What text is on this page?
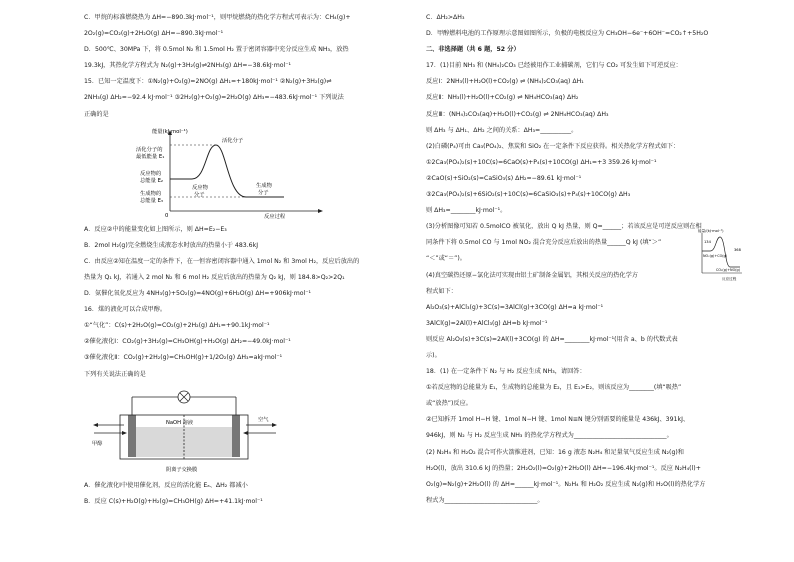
C．甲烷的标准燃烧热为 ΔH=−890.3kJ·mol⁻¹，则甲烷燃烧的热化学方程式可表示为：CH₄(g)+
2O₂(g)=CO₂(g)+2H₂O(g) ΔH=−890.3kJ·mol⁻¹
D．500℃、30MPa 下，将 0.5mol N₂ 和 1.5mol H₂ 置于密闭容器中充分反应生成 NH₃，放热
19.3kJ，其热化学方程式为 N₂(g)+3H₂(g)⇌2NH₃(g) ΔH=−38.6kJ·mol⁻¹
15．已知一定温度下：①N₂(g)+O₂(g)=2NO(g) ΔH₁=+180kJ·mol⁻¹ ②N₂(g)+3H₂(g)⇌
2NH₃(g) ΔH₂=−92.4 kJ·mol⁻¹ ③2H₂(g)+O₂(g)=2H₂O(g) ΔH₃=−483.6kJ·mol⁻¹ 下列说法
正确的是
能量(kJ·mol⁻¹)
活化分子的
最低能量 E₁
反应物的
总能量 E₂
生成物的
总能量 E₃
活化分子
反应物
分子
生成物
分子
0	反应过程
A．反应②中的能量变化如上图所示，则 ΔH=E₂−E₃
B．2mol H₂(g)完全燃烧生成液态水时放出的热量小于 483.6kJ
C．由反应②知在温度一定的条件下，在一恒容密闭容器中通入 1mol N₂ 和 3mol H₂，反应后放出的
热量为 Q₁ kJ，若通入 2 mol N₂ 和 6 mol H₂ 反应后放出的热量为 Q₂ kJ，则 184.8>Q₂>2Q₁
D．氨催化氧化反应为 4NH₃(g)+5O₂(g)=4NO(g)+6H₂O(g) ΔH=+906kJ·mol⁻¹
16．煤的液化可以合成甲醇。
①“气化”：C(s)+2H₂O(g)=CO₂(g)+2H₂(g) ΔH₁=+90.1kJ·mol⁻¹
②催化液化Ⅰ：CO₂(g)+3H₂(g)=CH₃OH(g)+H₂O(g) ΔH₂=−49.0kJ·mol⁻¹
③催化液化Ⅱ：CO₂(g)+2H₂(g)=CH₃OH(g)+1/2O₂(g) ΔH₃=akJ·mol⁻¹
下列有关说法正确的是
NaOH 溶液
甲醇
空气
阴离子交换膜
A．催化液化Ⅰ中使用催化剂，反应的活化能 Eₐ、ΔH₂ 都减小
B．反应 C(s)+H₂O(g)+H₂(g)=CH₃OH(g) ΔH=+41.1kJ·mol⁻¹
C．ΔH₂>ΔH₃
D．甲醇燃料电池的工作原理示意图如图所示，负极的电极反应为 CH₃OH−6e⁻+6OH⁻=CO₂↑+5H₂O
二、非选择题（共 6 题，52 分）
17．(1)目前 NH₃ 和 (NH₄)₂CO₃ 已经被用作工业捕碳剂，它们与 CO₂ 可发生如下可逆反应：
反应Ⅰ：2NH₃(l)+H₂O(l)+CO₂(g) ⇌ (NH₄)₂CO₃(aq) ΔH₁
反应Ⅱ：NH₃(l)+H₂O(l)+CO₂(g) ⇌ NH₄HCO₃(aq) ΔH₂
反应Ⅲ：(NH₄)₂CO₃(aq)+H₂O(l)+CO₂(g) ⇌ 2NH₄HCO₃(aq) ΔH₃
则 ΔH₃ 与 ΔH₁、ΔH₂ 之间的关系：ΔH₃=__________。
(2)白磷(P₄)可由 Ca₃(PO₄)₂、焦炭和 SiO₂ 在一定条件下反应获得。相关热化学方程式如下：
①2Ca₃(PO₄)₂(s)+10C(s)=6CaO(s)+P₄(s)+10CO(g) ΔH₁=+3 359.26 kJ·mol⁻¹
②CaO(s)+SiO₂(s)=CaSiO₃(s) ΔH₂=−89.61 kJ·mol⁻¹
③2Ca₃(PO₄)₂(s)+6SiO₂(s)+10C(s)=6CaSiO₃(s)+P₄(s)+10CO(g) ΔH₃
则 ΔH₃=________kJ·mol⁻¹。
(3)分析图像可知若 0.5molCO 被氧化，放出 Q kJ 热量，则 Q=______；若该反应是可逆反应则在相
同条件下将 0.5mol CO 与 1mol NO₂ 混合充分反应后放出的热量______Q kJ (填“＞”
“＜”或“＝”)。
能量/(kJ·mol⁻¹)
134
368
NO₂(g)+CO(g)
CO₂(g)+NO(g)
反应过程
(4)真空碳热还原−氯化法可实现由铝土矿制备金属铝，其相关反应的热化学方
程式如下：
Al₂O₃(s)+AlCl₃(g)+3C(s)=3AlCl(g)+3CO(g) ΔH=a kJ·mol⁻¹
3AlCl(g)=2Al(l)+AlCl₃(g) ΔH=b kJ·mol⁻¹
则反应 Al₂O₃(s)+3C(s)=2Al(l)+3CO(g) 的 ΔH=________kJ·mol⁻¹(用含 a、b 的代数式表
示)。
18．(1) 在一定条件下 N₂ 与 H₂ 反应生成 NH₃，请回答：
①若反应物的总能量为 E₁，生成物的总能量为 E₂，且 E₁>E₂，则该反应为________(填“吸热”
或“放热”)反应。
②已知拆开 1mol H−H 键、1mol N−H 键、1mol N≡N 键分别需要的能量是 436kJ、391kJ、
946kJ，则 N₂ 与 H₂ 反应生成 NH₃ 的热化学方程式为______________________________。
(2) N₂H₄ 和 H₂O₂ 混合可作火箭推进剂，已知：16 g 液态 N₂H₄ 和足量氧气反应生成 N₂(g)和
H₂O(l)，放出 310.6 kJ 的热量；2H₂O₂(l)=O₂(g)+2H₂O(l) ΔH=−196.4kJ·mol⁻¹。反应 N₂H₄(l)+
O₂(g)=N₂(g)+2H₂O(l) 的 ΔH=______kJ·mol⁻¹。N₂H₄ 和 H₂O₂ 反应生成 N₂(g)和 H₂O(l)的热化学方
程式为______________________________。
